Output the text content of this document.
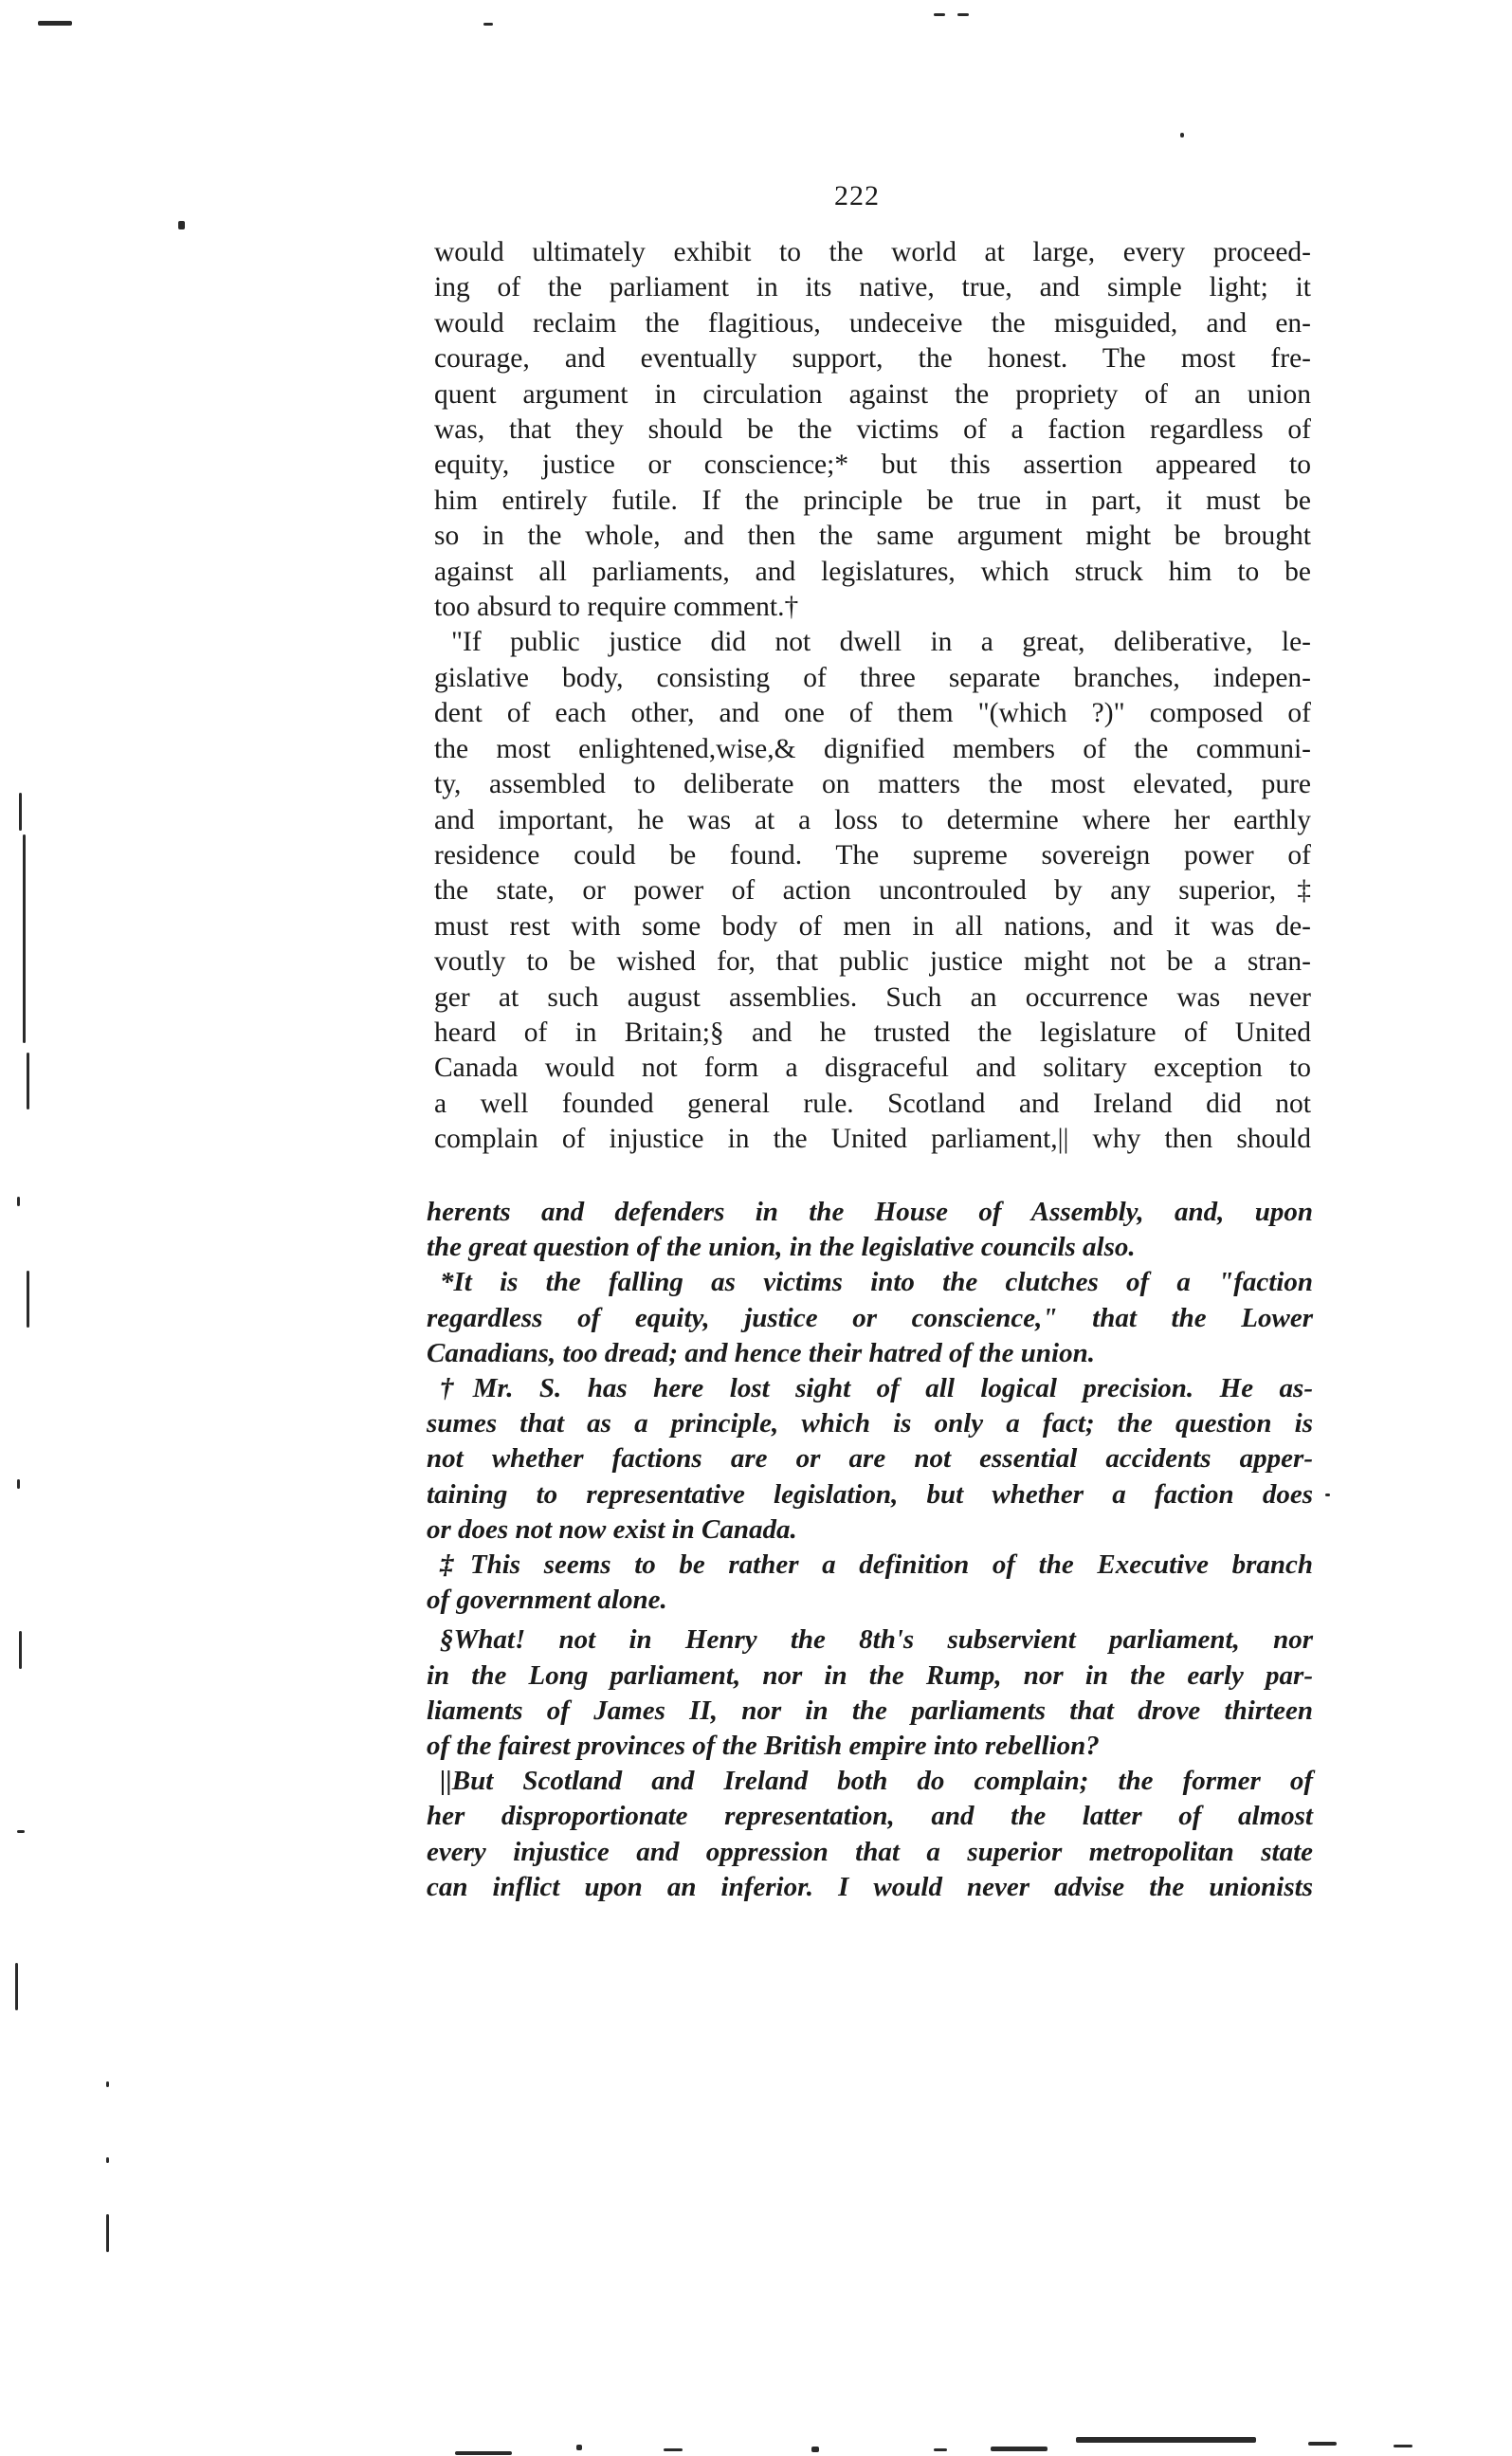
222
would ultimately exhibit to the world at large, every proceed-
ing of the parliament in its native, true, and simple light; it
would reclaim the flagitious, undeceive the misguided, and en-
courage, and eventually support, the honest. The most fre-
quent argument in circulation against the propriety of an union
was, that they should be the victims of a faction regardless of
equity, justice or conscience;* but this assertion appeared to
him entirely futile. If the principle be true in part, it must be
so in the whole, and then the same argument might be brought
against all parliaments, and legislatures, which struck him to be
too absurd to require comment.†
"If public justice did not dwell in a great, deliberative, le-
gislative body, consisting of three separate branches, indepen-
dent of each other, and one of them "(which ?)" composed of
the most enlightened,wise,& dignified members of the communi-
ty, assembled to deliberate on matters the most elevated, pure
and important, he was at a loss to determine where her earthly
residence could be found. The supreme sovereign power of
the state, or power of action uncontrouled by any superior,‡
must rest with some body of men in all nations, and it was de-
voutly to be wished for, that public justice might not be a stran-
ger at such august assemblies. Such an occurrence was never
heard of in Britain;§ and he trusted the legislature of United
Canada would not form a disgraceful and solitary exception to
a well founded general rule. Scotland and Ireland did not
complain of injustice in the United parliament,|| why then should
herents and defenders in the House of Assembly, and, upon
the great question of the union, in the legislative councils also.
*It is the falling as victims into the clutches of a "faction
regardless of equity, justice or conscience," that the Lower
Canadians, too dread; and hence their hatred of the union.
†Mr. S. has here lost sight of all logical precision. He as-
sumes that as a principle, which is only a fact; the question is
not whether factions are or are not essential accidents apper-
taining to representative legislation, but whether a faction does
or does not now exist in Canada.
‡This seems to be rather a definition of the Executive branch
of government alone.
§What! not in Henry the 8th's subservient parliament, nor
in the Long parliament, nor in the Rump, nor in the early par-
liaments of James II, nor in the parliaments that drove thirteen
of the fairest provinces of the British empire into rebellion?
||But Scotland and Ireland both do complain; the former of
her disproportionate representation, and the latter of almost
every injustice and oppression that a superior metropolitan state
can inflict upon an inferior. I would never advise the unionists
